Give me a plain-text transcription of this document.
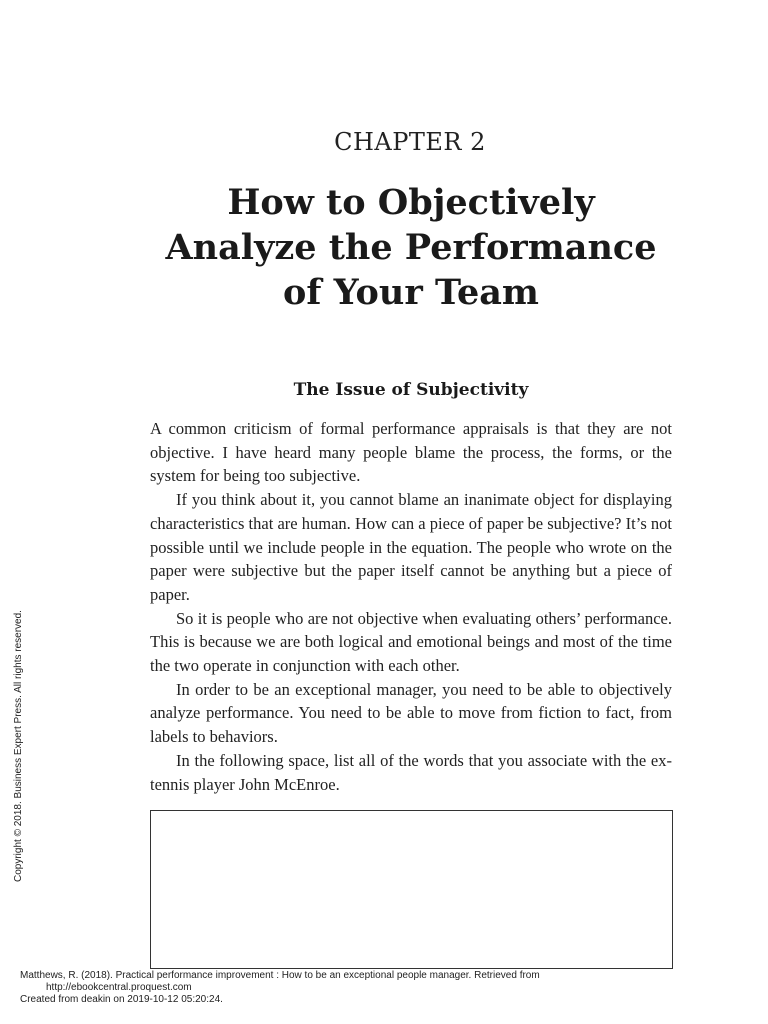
CHAPTER 2
How to Objectively
Analyze the Performance
of Your Team
The Issue of Subjectivity

A common criticism of formal performance appraisals is that they are not objective. I have heard many people blame the process, the forms, or the system for being too subjective.

If you think about it, you cannot blame an inanimate object for displaying characteristics that are human. How can a piece of paper be subjective? It’s not possible until we include people in the equation. The people who wrote on the paper were subjective but the paper itself cannot be anything but a piece of paper.

So it is people who are not objective when evaluating others’ performance. This is because we are both logical and emotional beings and most of the time the two operate in conjunction with each other.

In order to be an exceptional manager, you need to be able to objectively analyze performance. You need to be able to move from fiction to fact, from labels to behaviors.

In the following space, list all of the words that you associate with the ex-tennis player John McEnroe.

Copyright © 2018. Business Expert Press. All rights reserved.
Matthews, R. (2018). Practical performance improvement : How to be an exceptional people manager. Retrieved from
http://ebookcentral.proquest.com
Created from deakin on 2019-10-12 05:20:24.
